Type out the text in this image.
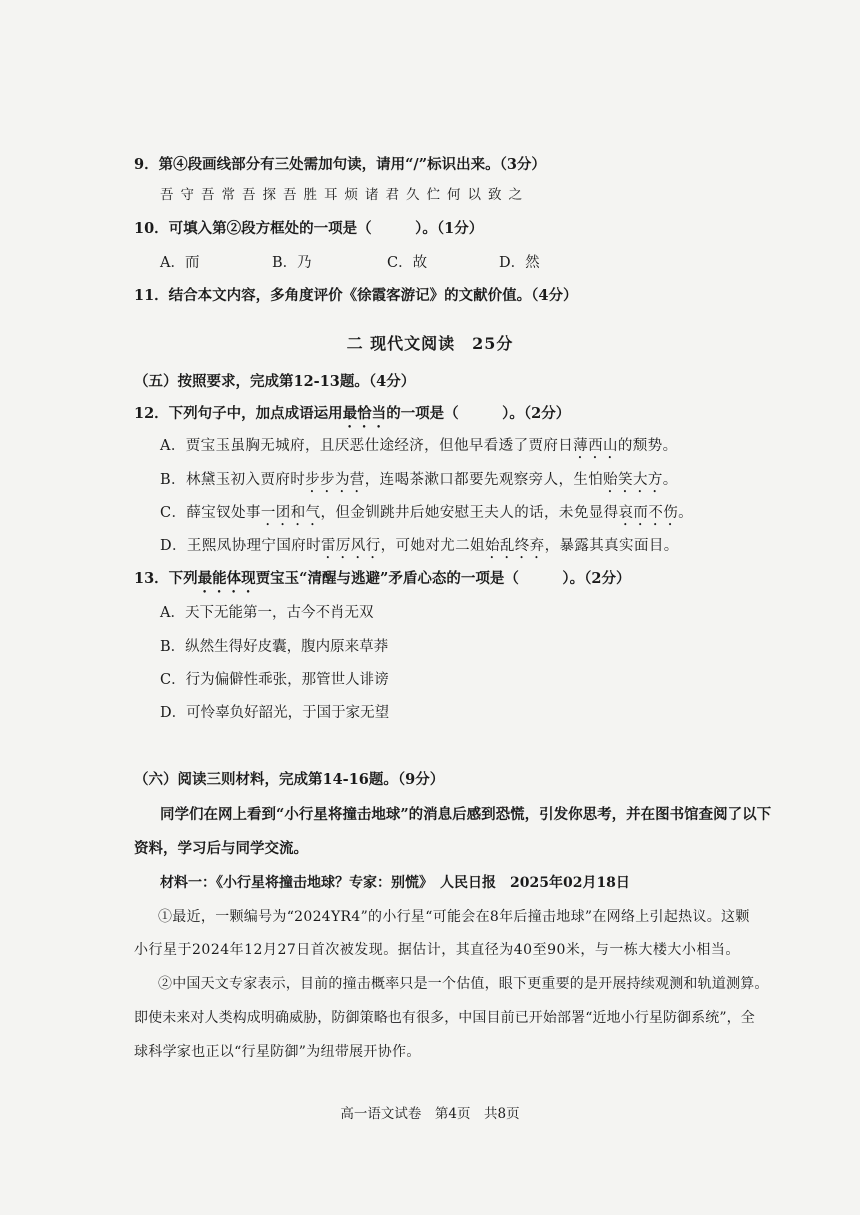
9．第④段画线部分有三处需加句读，请用“/”标识出来。（3分）
吾守吾常吾探吾胜耳烦诸君久伫何以致之
10．可填入第②段方框处的一项是（　　　）。（1分）
A．而	B．乃	C．故	D．然
11．结合本文内容，多角度评价《徐霞客游记》的文献价值。（4分）
二 现代文阅读　25分
（五）按照要求，完成第12-13题。（4分）
12．下列句子中，加点成语运用最恰当的一项是（　　　）。（2分）
A．贾宝玉虽胸无城府，且厌恶仕途经济，但他早看透了贾府日薄西山的颓势。
B．林黛玉初入贾府时步步为营，连喝茶漱口都要先观察旁人，生怕贻笑大方。
C．薛宝钗处事一团和气，但金钏跳井后她安慰王夫人的话，未免显得哀而不伤。
D．王熙凤协理宁国府时雷厉风行，可她对尤二姐始乱终弃，暴露其真实面目。
13．下列最能体现贾宝玉“清醒与逃避”矛盾心态的一项是（　　　）。（2分）
A．天下无能第一，古今不肖无双
B．纵然生得好皮囊，腹内原来草莽
C．行为偏僻性乖张，那管世人诽谤
D．可怜辜负好韶光，于国于家无望
（六）阅读三则材料，完成第14-16题。（9分）
同学们在网上看到“小行星将撞击地球”的消息后感到恐慌，引发你思考，并在图书馆查阅了以下
资料，学习后与同学交流。
材料一：《小行星将撞击地球？专家：别慌》　人民日报　2025年02月18日
①最近，一颗编号为“2024YR4”的小行星“可能会在8年后撞击地球”在网络上引起热议。这颗
小行星于2024年12月27日首次被发现。据估计，其直径为40至90米，与一栋大楼大小相当。
②中国天文专家表示，目前的撞击概率只是一个估值，眼下更重要的是开展持续观测和轨道测算。
即使未来对人类构成明确威胁，防御策略也有很多，中国目前已开始部署“近地小行星防御系统”，全
球科学家也正以“行星防御”为纽带展开协作。
高一语文试卷　第4页　共8页
